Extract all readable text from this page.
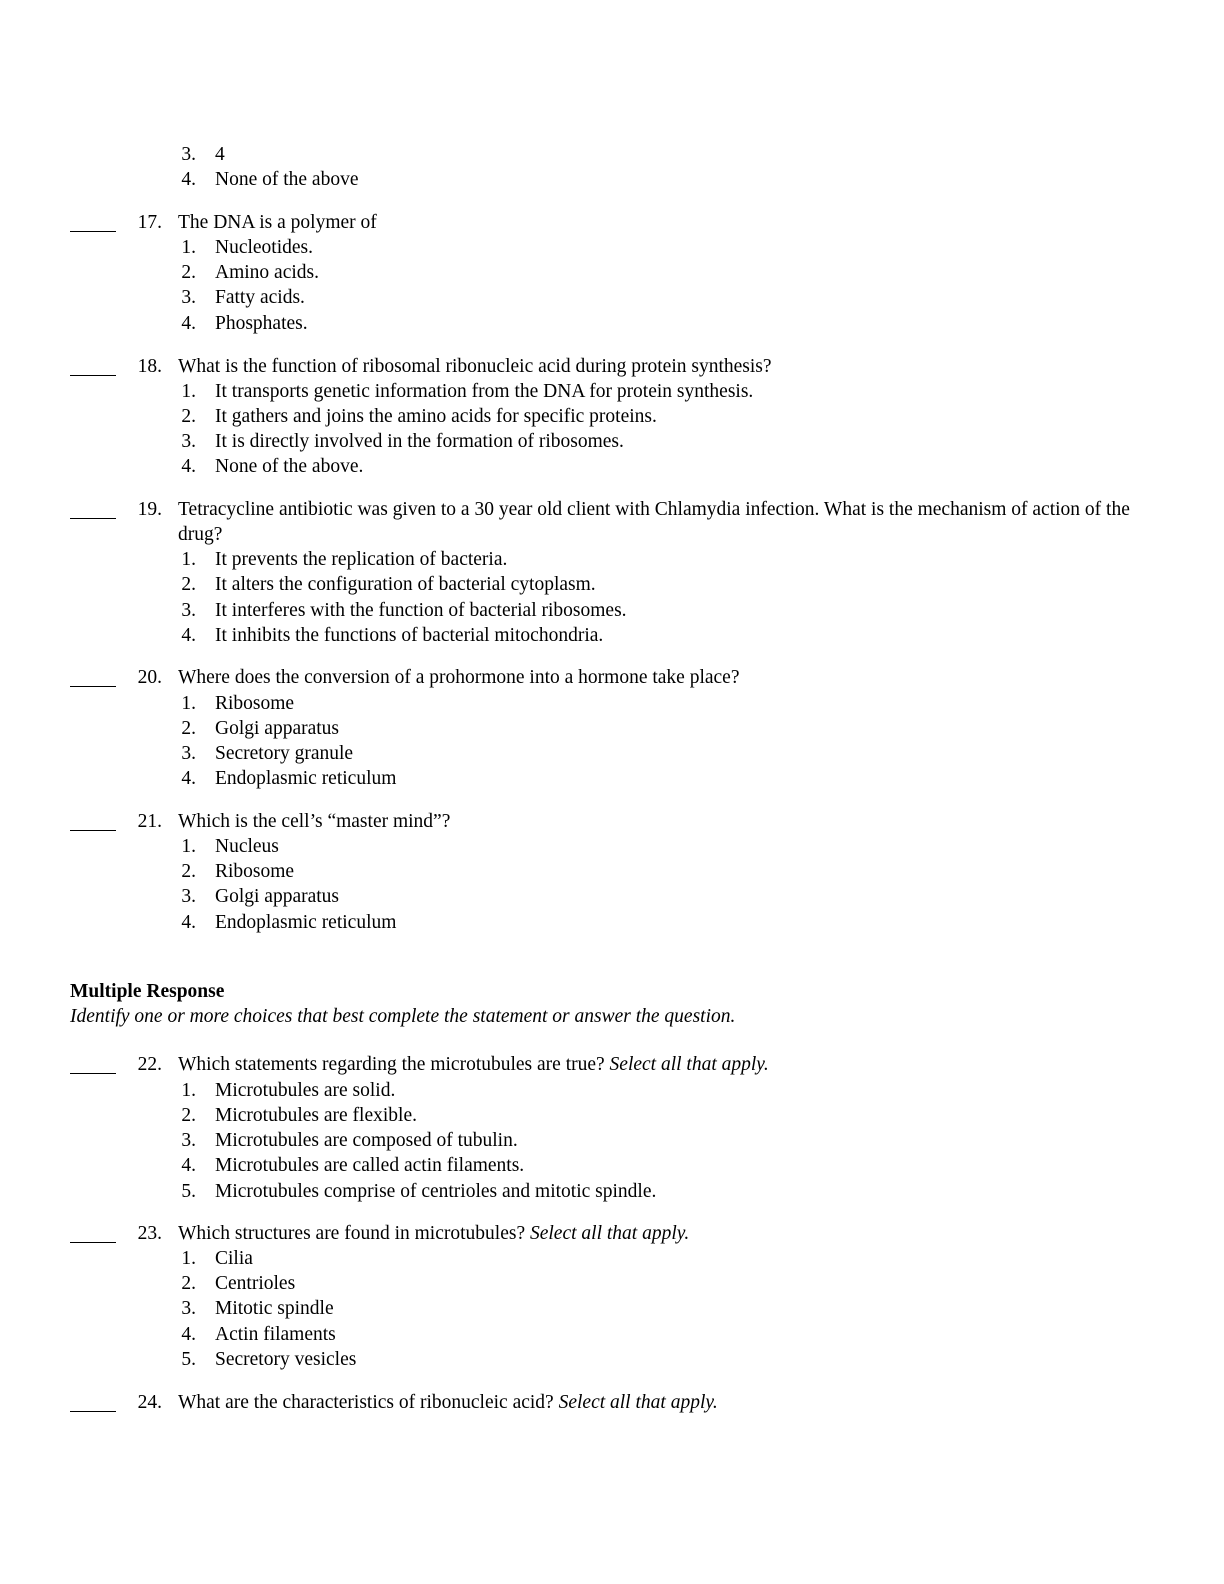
3. 4
4. None of the above
17. The DNA is a polymer of
1. Nucleotides.
2. Amino acids.
3. Fatty acids.
4. Phosphates.
18. What is the function of ribosomal ribonucleic acid during protein synthesis?
1. It transports genetic information from the DNA for protein synthesis.
2. It gathers and joins the amino acids for specific proteins.
3. It is directly involved in the formation of ribosomes.
4. None of the above.
19. Tetracycline antibiotic was given to a 30 year old client with Chlamydia infection. What is the mechanism of action of the drug?
1. It prevents the replication of bacteria.
2. It alters the configuration of bacterial cytoplasm.
3. It interferes with the function of bacterial ribosomes.
4. It inhibits the functions of bacterial mitochondria.
20. Where does the conversion of a prohormone into a hormone take place?
1. Ribosome
2. Golgi apparatus
3. Secretory granule
4. Endoplasmic reticulum
21. Which is the cell’s “master mind”?
1. Nucleus
2. Ribosome
3. Golgi apparatus
4. Endoplasmic reticulum
Multiple Response
Identify one or more choices that best complete the statement or answer the question.
22. Which statements regarding the microtubules are true? Select all that apply.
1. Microtubules are solid.
2. Microtubules are flexible.
3. Microtubules are composed of tubulin.
4. Microtubules are called actin filaments.
5. Microtubules comprise of centrioles and mitotic spindle.
23. Which structures are found in microtubules? Select all that apply.
1. Cilia
2. Centrioles
3. Mitotic spindle
4. Actin filaments
5. Secretory vesicles
24. What are the characteristics of ribonucleic acid? Select all that apply.
